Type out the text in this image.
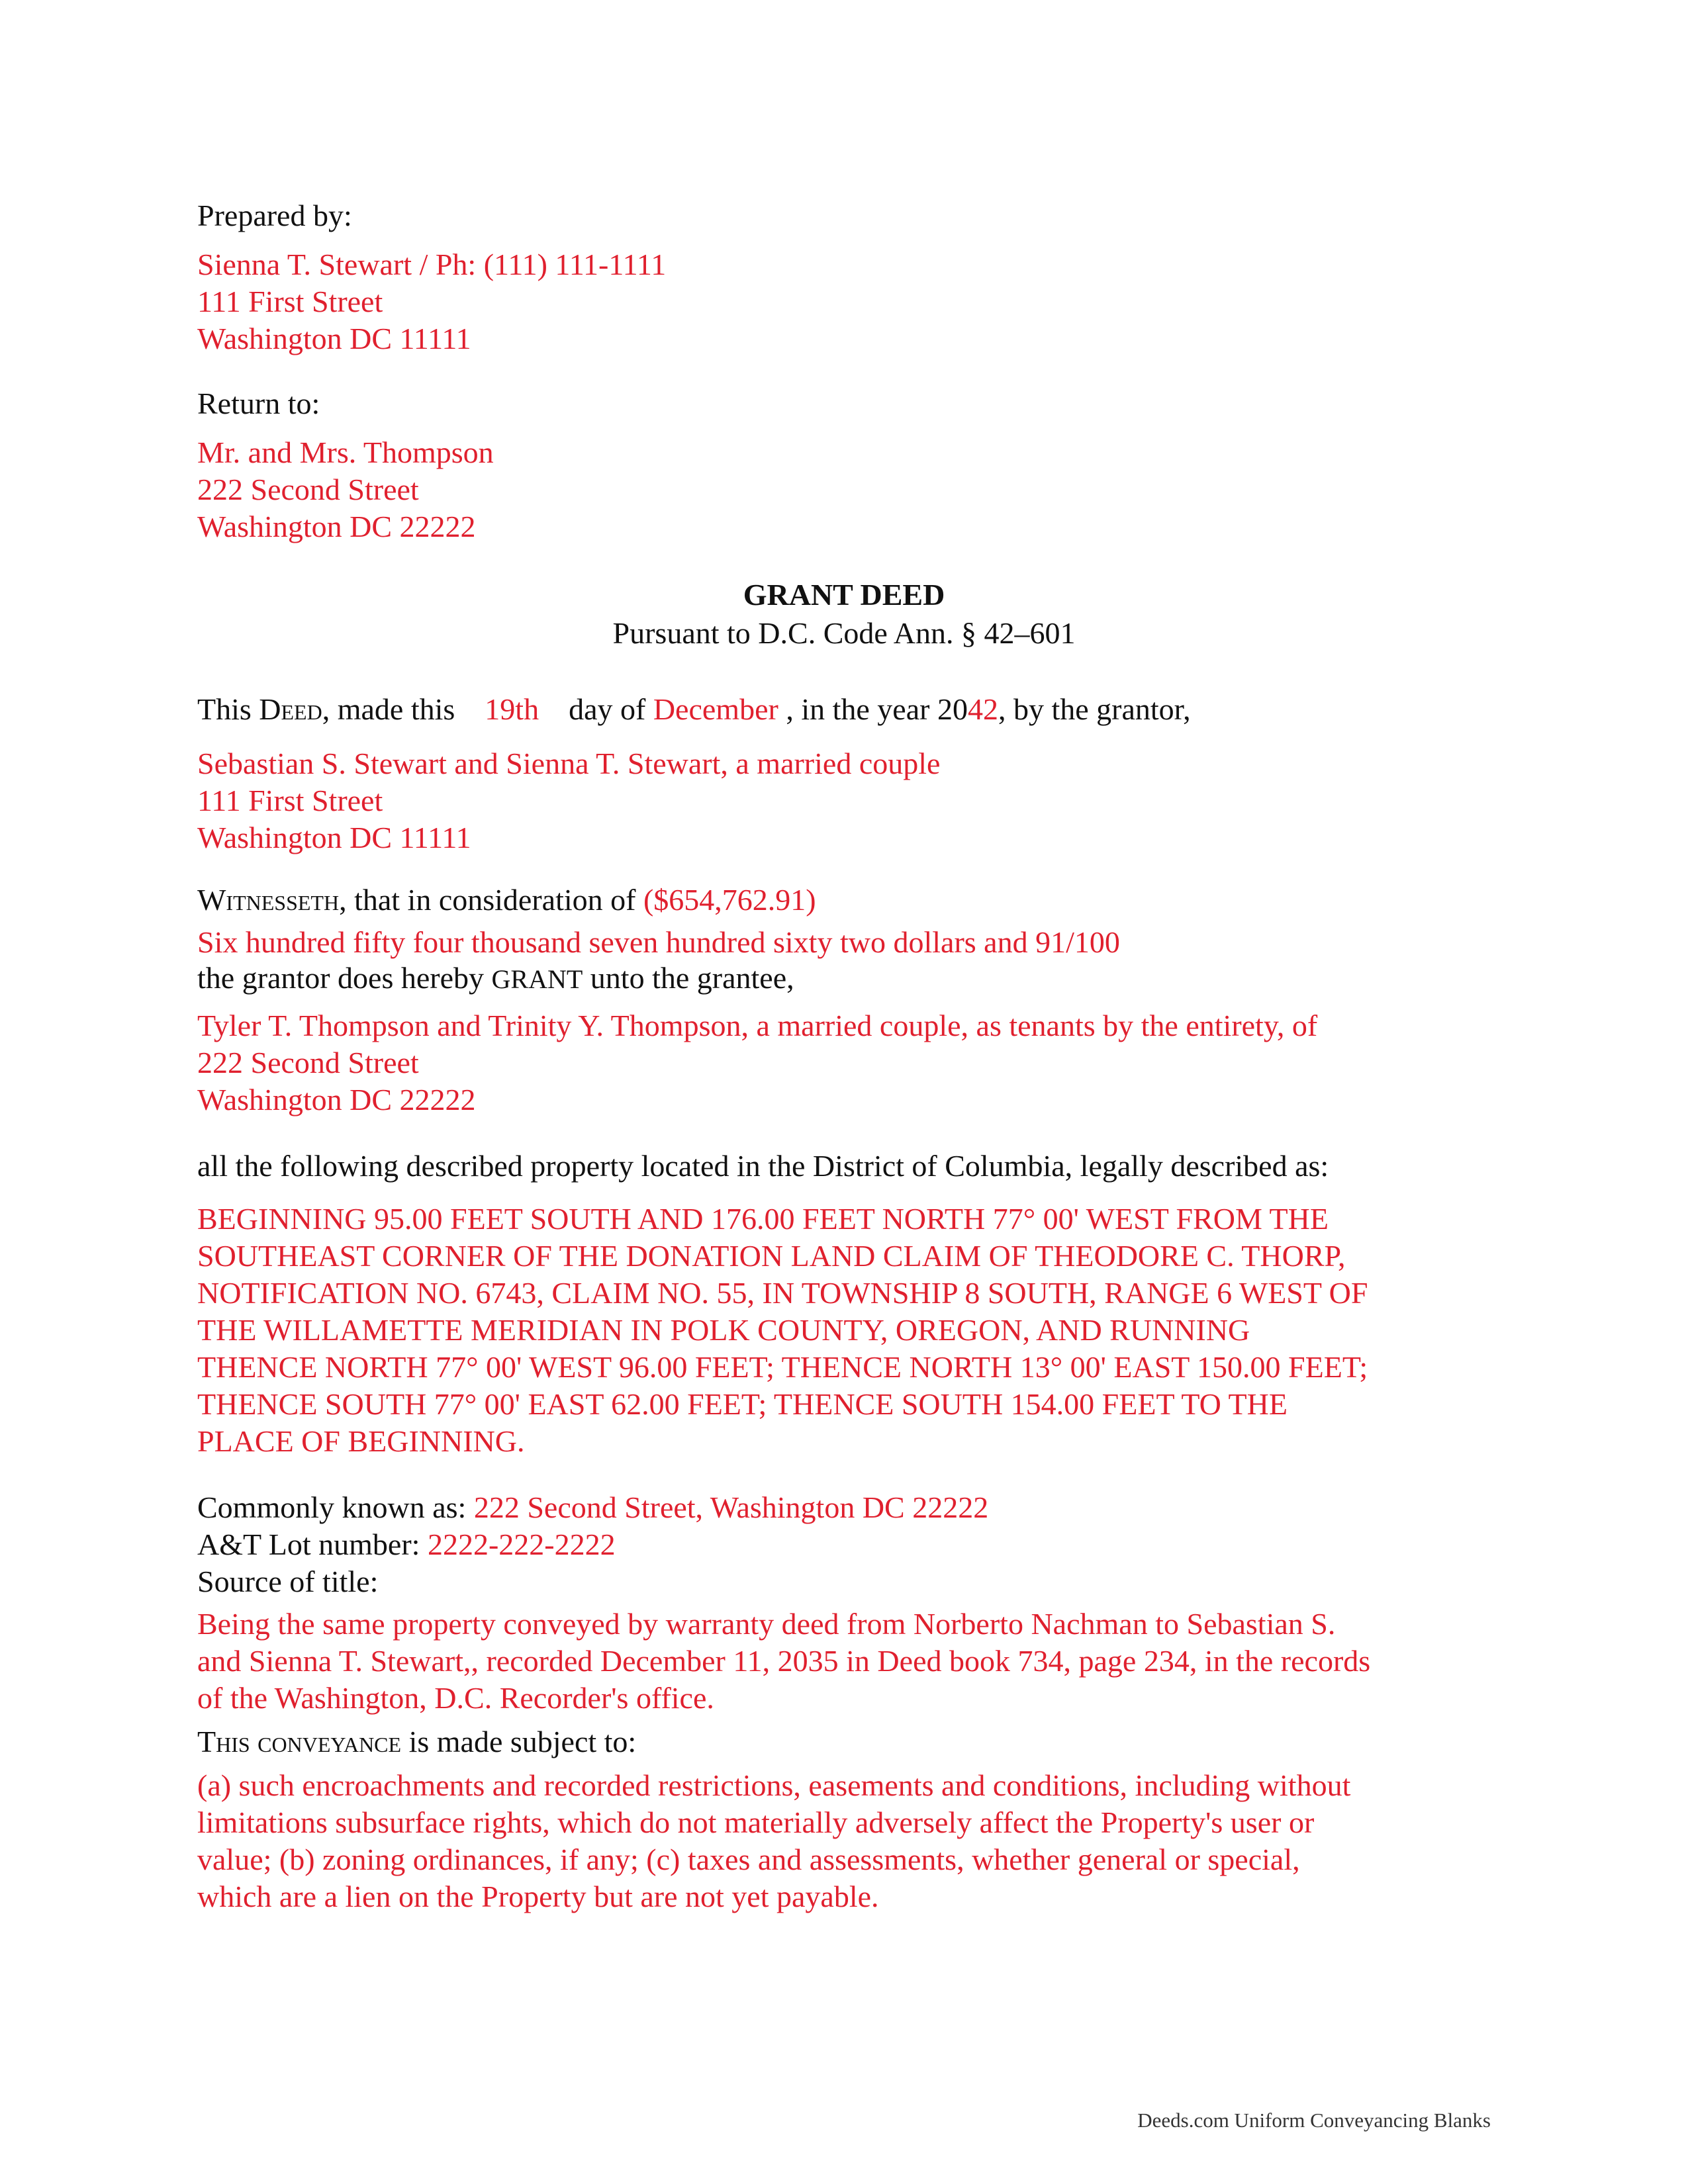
Prepared by:
Sienna T. Stewart / Ph: (111) 111-1111
111 First Street
Washington DC 11111
Return to:
Mr. and Mrs. Thompson
222 Second Street
Washington DC 22222
GRANT DEED
Pursuant to D.C. Code Ann. § 42–601
This Deed, made this 19th day of December , in the year 2042, by the grantor,
Sebastian S. Stewart and Sienna T. Stewart, a married couple
111 First Street
Washington DC 11111
Witnesseth, that in consideration of ($654,762.91)
Six hundred fifty four thousand seven hundred sixty two dollars and 91/100
the grantor does hereby GRANT unto the grantee,
Tyler T. Thompson and Trinity Y. Thompson, a married couple, as tenants by the entirety, of
222 Second Street
Washington DC 22222
all the following described property located in the District of Columbia, legally described as:
BEGINNING 95.00 FEET SOUTH AND 176.00 FEET NORTH 77° 00' WEST FROM THE
SOUTHEAST CORNER OF THE DONATION LAND CLAIM OF THEODORE C. THORP,
NOTIFICATION NO. 6743, CLAIM NO. 55, IN TOWNSHIP 8 SOUTH, RANGE 6 WEST OF
THE WILLAMETTE MERIDIAN IN POLK COUNTY, OREGON, AND RUNNING
THENCE NORTH 77° 00' WEST 96.00 FEET; THENCE NORTH 13° 00' EAST 150.00 FEET;
THENCE SOUTH 77° 00' EAST 62.00 FEET; THENCE SOUTH 154.00 FEET TO THE
PLACE OF BEGINNING.
Commonly known as: 222 Second Street, Washington DC 22222
A&T Lot number: 2222-222-2222
Source of title:
Being the same property conveyed by warranty deed from Norberto Nachman to Sebastian S.
and Sienna T. Stewart,, recorded December 11, 2035 in Deed book 734, page 234, in the records
of the Washington, D.C. Recorder's office.
This conveyance is made subject to:
(a) such encroachments and recorded restrictions, easements and conditions, including without
limitations subsurface rights, which do not materially adversely affect the Property's user or
value; (b) zoning ordinances, if any; (c) taxes and assessments, whether general or special,
which are a lien on the Property but are not yet payable.
Deeds.com Uniform Conveyancing Blanks
